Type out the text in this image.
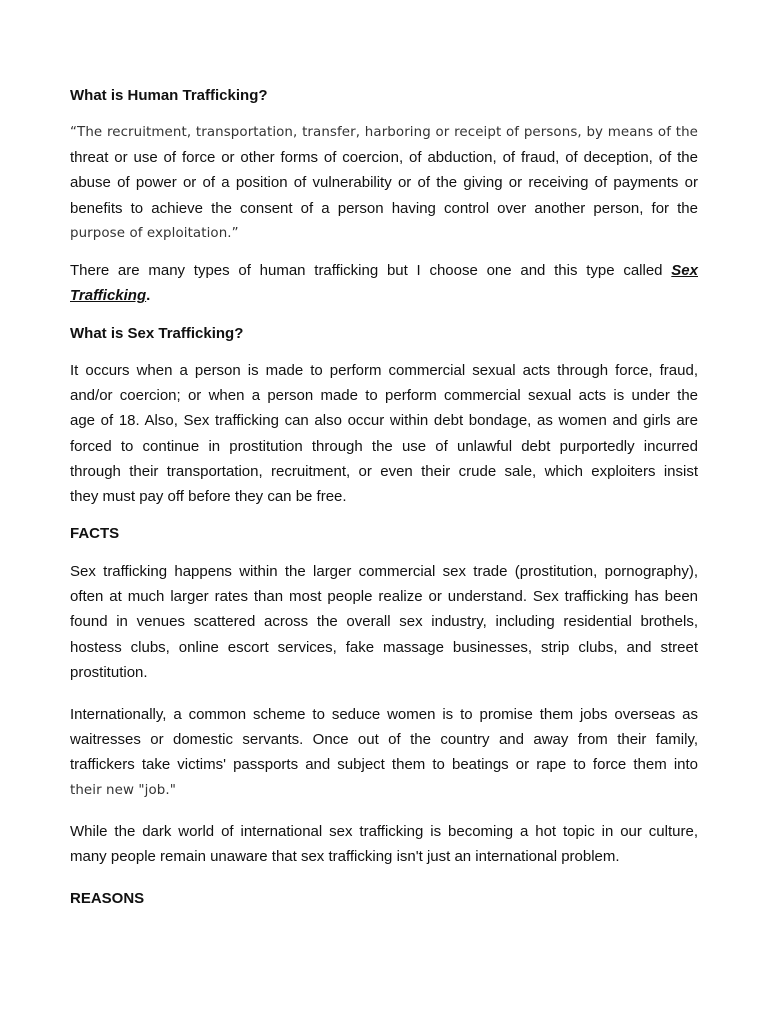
What is Human Trafficking?
“The recruitment, transportation, transfer, harboring or receipt of persons, by means of the
threat or use of force or other forms of coercion, of abduction, of fraud, of deception, of the
abuse of power or of a position of vulnerability or of the giving or receiving of payments or
benefits to achieve the consent of a person having control over another person, for the
purpose of exploitation.”
There are many types of human trafficking but I choose one and this type called Sex
Trafficking.
What is Sex Trafficking?
It occurs when a person is made to perform commercial sexual acts through force, fraud,
and/or coercion; or when a person made to perform commercial sexual acts is under the
age of 18. Also, Sex trafficking can also occur within debt bondage, as women and girls are
forced to continue in prostitution through the use of unlawful debt purportedly incurred
through their transportation, recruitment, or even their crude sale, which exploiters insist
they must pay off before they can be free.
FACTS
Sex trafficking happens within the larger commercial sex trade (prostitution, pornography),
often at much larger rates than most people realize or understand. Sex trafficking has been
found in venues scattered across the overall sex industry, including residential brothels,
hostess clubs, online escort services, fake massage businesses, strip clubs, and street
prostitution.
Internationally, a common scheme to seduce women is to promise them jobs overseas as
waitresses or domestic servants. Once out of the country and away from their family,
traffickers take victims' passports and subject them to beatings or rape to force them into
their new "job."
While the dark world of international sex trafficking is becoming a hot topic in our culture,
many people remain unaware that sex trafficking isn't just an international problem.
REASONS
